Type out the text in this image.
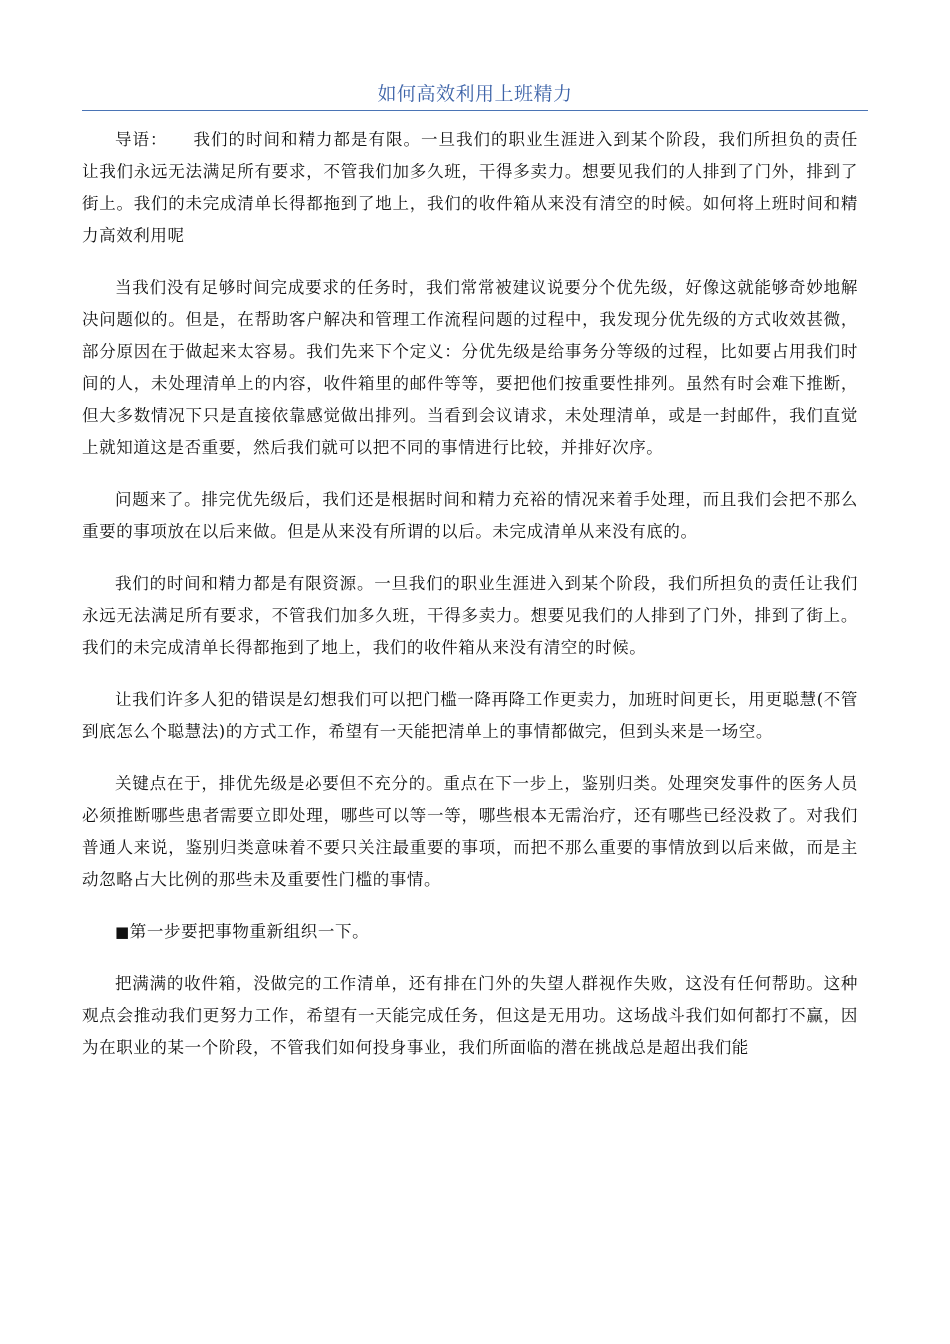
如何高效利用上班精力

导语： 我们的时间和精力都是有限。一旦我们的职业生涯进入到某个阶段，我们所担负的责任让我们永远无法满足所有要求，不管我们加多久班，干得多卖力。想要见我们的人排到了门外，排到了街上。我们的未完成清单长得都拖到了地上，我们的收件箱从来没有清空的时候。如何将上班时间和精力高效利用呢

当我们没有足够时间完成要求的任务时，我们常常被建议说要分个优先级，好像这就能够奇妙地解决问题似的。但是，在帮助客户解决和管理工作流程问题的过程中，我发现分优先级的方式收效甚微，部分原因在于做起来太容易。我们先来下个定义：分优先级是给事务分等级的过程，比如要占用我们时间的人，未处理清单上的内容，收件箱里的邮件等等，要把他们按重要性排列。虽然有时会难下推断，但大多数情况下只是直接依靠感觉做出排列。当看到会议请求，未处理清单，或是一封邮件，我们直觉上就知道这是否重要，然后我们就可以把不同的事情进行比较，并排好次序。

问题来了。排完优先级后，我们还是根据时间和精力充裕的情况来着手处理，而且我们会把不那么重要的事项放在以后来做。但是从来没有所谓的以后。未完成清单从来没有底的。

我们的时间和精力都是有限资源。一旦我们的职业生涯进入到某个阶段，我们所担负的责任让我们永远无法满足所有要求，不管我们加多久班，干得多卖力。想要见我们的人排到了门外，排到了街上。我们的未完成清单长得都拖到了地上，我们的收件箱从来没有清空的时候。

让我们许多人犯的错误是幻想我们可以把门槛一降再降工作更卖力，加班时间更长，用更聪慧(不管到底怎么个聪慧法)的方式工作，希望有一天能把清单上的事情都做完，但到头来是一场空。

关键点在于，排优先级是必要但不充分的。重点在下一步上，鉴别归类。处理突发事件的医务人员必须推断哪些患者需要立即处理，哪些可以等一等，哪些根本无需治疗，还有哪些已经没救了。对我们普通人来说，鉴别归类意味着不要只关注最重要的事项，而把不那么重要的事情放到以后来做，而是主动忽略占大比例的那些未及重要性门槛的事情。

■第一步要把事物重新组织一下。

把满满的收件箱，没做完的工作清单，还有排在门外的失望人群视作失败，这没有任何帮助。这种观点会推动我们更努力工作，希望有一天能完成任务，但这是无用功。这场战斗我们如何都打不赢，因为在职业的某一个阶段，不管我们如何投身事业，我们所面临的潜在挑战总是超出我们能
